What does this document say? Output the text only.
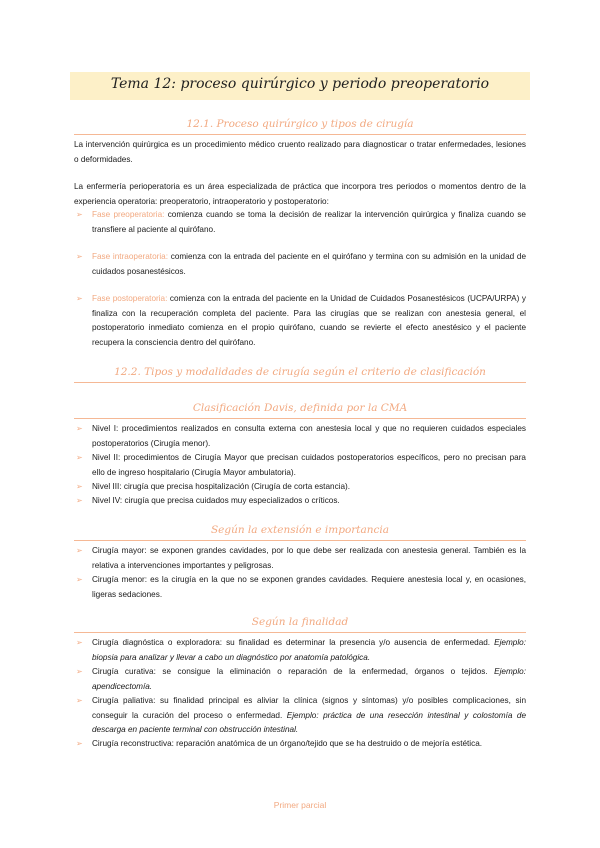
Tema 12: proceso quirúrgico y periodo preoperatorio
12.1. Proceso quirúrgico y tipos de cirugía
La intervención quirúrgica es un procedimiento médico cruento realizado para diagnosticar o tratar enfermedades, lesiones o deformidades.
La enfermería perioperatoria es un área especializada de práctica que incorpora tres periodos o momentos dentro de la experiencia operatoria: preoperatorio, intraoperatorio y postoperatorio:
➢ Fase preoperatoria: comienza cuando se toma la decisión de realizar la intervención quirúrgica y finaliza cuando se transfiere al paciente al quirófano.
➢ Fase intraoperatoria: comienza con la entrada del paciente en el quirófano y termina con su admisión en la unidad de cuidados posanestésicos.
➢ Fase postoperatoria: comienza con la entrada del paciente en la Unidad de Cuidados Posanestésicos (UCPA/URPA) y finaliza con la recuperación completa del paciente. Para las cirugías que se realizan con anestesia general, el postoperatorio inmediato comienza en el propio quirófano, cuando se revierte el efecto anestésico y el paciente recupera la consciencia dentro del quirófano.
12.2. Tipos y modalidades de cirugía según el criterio de clasificación
Clasificación Davis, definida por la CMA
➢ Nivel I: procedimientos realizados en consulta externa con anestesia local y que no requieren cuidados especiales postoperatorios (Cirugía menor).
➢ Nivel II: procedimientos de Cirugía Mayor que precisan cuidados postoperatorios específicos, pero no precisan para ello de ingreso hospitalario (Cirugía Mayor ambulatoria).
➢ Nivel III: cirugía que precisa hospitalización (Cirugía de corta estancia).
➢ Nivel IV: cirugía que precisa cuidados muy especializados o críticos.
Según la extensión e importancia
➢ Cirugía mayor: se exponen grandes cavidades, por lo que debe ser realizada con anestesia general. También es la relativa a intervenciones importantes y peligrosas.
➢ Cirugía menor: es la cirugía en la que no se exponen grandes cavidades. Requiere anestesia local y, en ocasiones, ligeras sedaciones.
Según la finalidad
➢ Cirugía diagnóstica o exploradora: su finalidad es determinar la presencia y/o ausencia de enfermedad. Ejemplo: biopsia para analizar y llevar a cabo un diagnóstico por anatomía patológica.
➢ Cirugía curativa: se consigue la eliminación o reparación de la enfermedad, órganos o tejidos. Ejemplo: apendicectomía.
➢ Cirugía paliativa: su finalidad principal es aliviar la clínica (signos y síntomas) y/o posibles complicaciones, sin conseguir la curación del proceso o enfermedad. Ejemplo: práctica de una resección intestinal y colostomía de descarga en paciente terminal con obstrucción intestinal.
➢ Cirugía reconstructiva: reparación anatómica de un órgano/tejido que se ha destruido o de mejoría estética.
Primer parcial
